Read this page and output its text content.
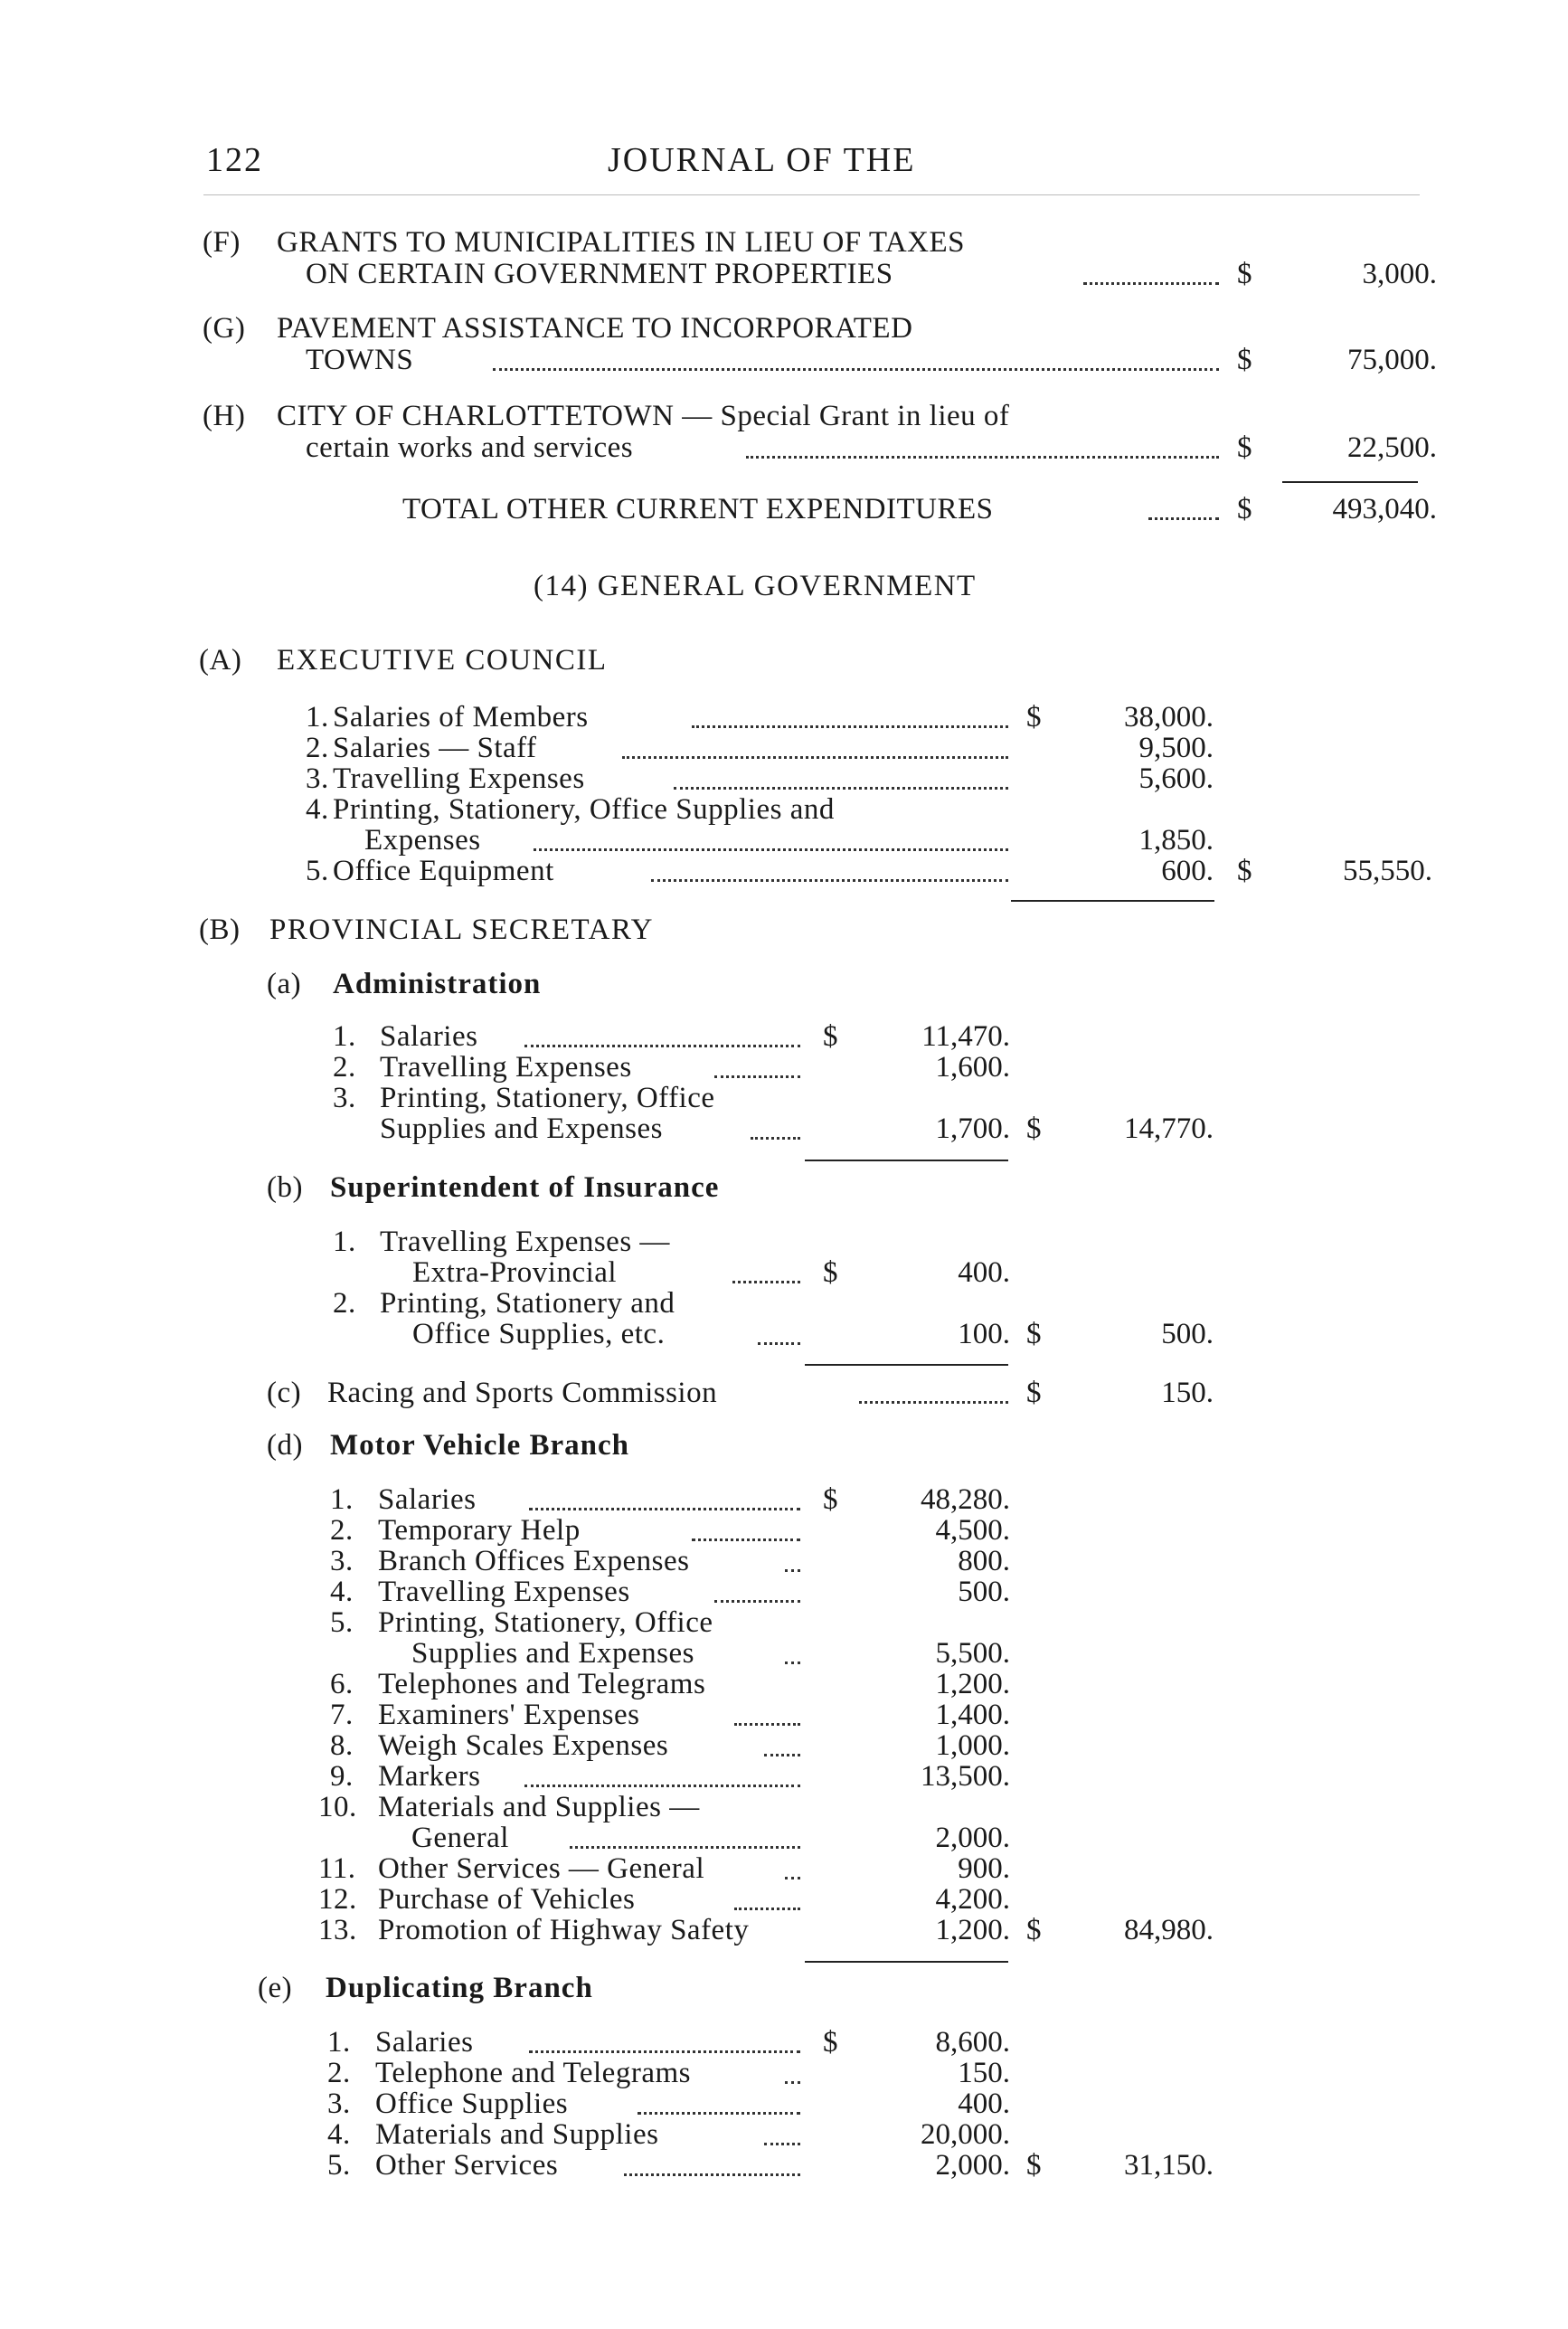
122	JOURNAL OF THE
(F) GRANTS TO MUNICIPALITIES IN LIEU OF TAXES
ON CERTAIN GOVERNMENT PROPERTIES	$	3,000.
(G) PAVEMENT ASSISTANCE TO INCORPORATED
TOWNS	$	75,000.
(H) CITY OF CHARLOTTETOWN — Special Grant in lieu of
certain works and services	$	22,500.
TOTAL OTHER CURRENT EXPENDITURES	$	493,040.
(14) GENERAL GOVERNMENT
(A) EXECUTIVE COUNCIL
1. Salaries of Members	$	38,000.
2. Salaries — Staff	9,500.
3. Travelling Expenses	5,600.
4. Printing, Stationery, Office Supplies and
Expenses	1,850.
5. Office Equipment	600. $	55,550.
(B) PROVINCIAL SECRETARY
(a) Administration
1. Salaries	$	11,470.
2. Travelling Expenses	1,600.
3. Printing, Stationery, Office
Supplies and Expenses	1,700. $	14,770.
(b) Superintendent of Insurance
1. Travelling Expenses —
Extra-Provincial	$	400.
2. Printing, Stationery and
Office Supplies, etc.	100. $	500.
(c) Racing and Sports Commission	$	150.
(d) Motor Vehicle Branch
1. Salaries	$	48,280.
2. Temporary Help	4,500.
3. Branch Offices Expenses	800.
4. Travelling Expenses	500.
5. Printing, Stationery, Office
Supplies and Expenses	5,500.
6. Telephones and Telegrams	1,200.
7. Examiners' Expenses	1,400.
8. Weigh Scales Expenses	1,000.
9. Markers	13,500.
10. Materials and Supplies —
General	2,000.
11. Other Services — General	900.
12. Purchase of Vehicles	4,200.
13. Promotion of Highway Safety	1,200. $	84,980.
(e) Duplicating Branch
1. Salaries	$	8,600.
2. Telephone and Telegrams	150.
3. Office Supplies	400.
4. Materials and Supplies	20,000.
5. Other Services	2,000. $	31,150.
